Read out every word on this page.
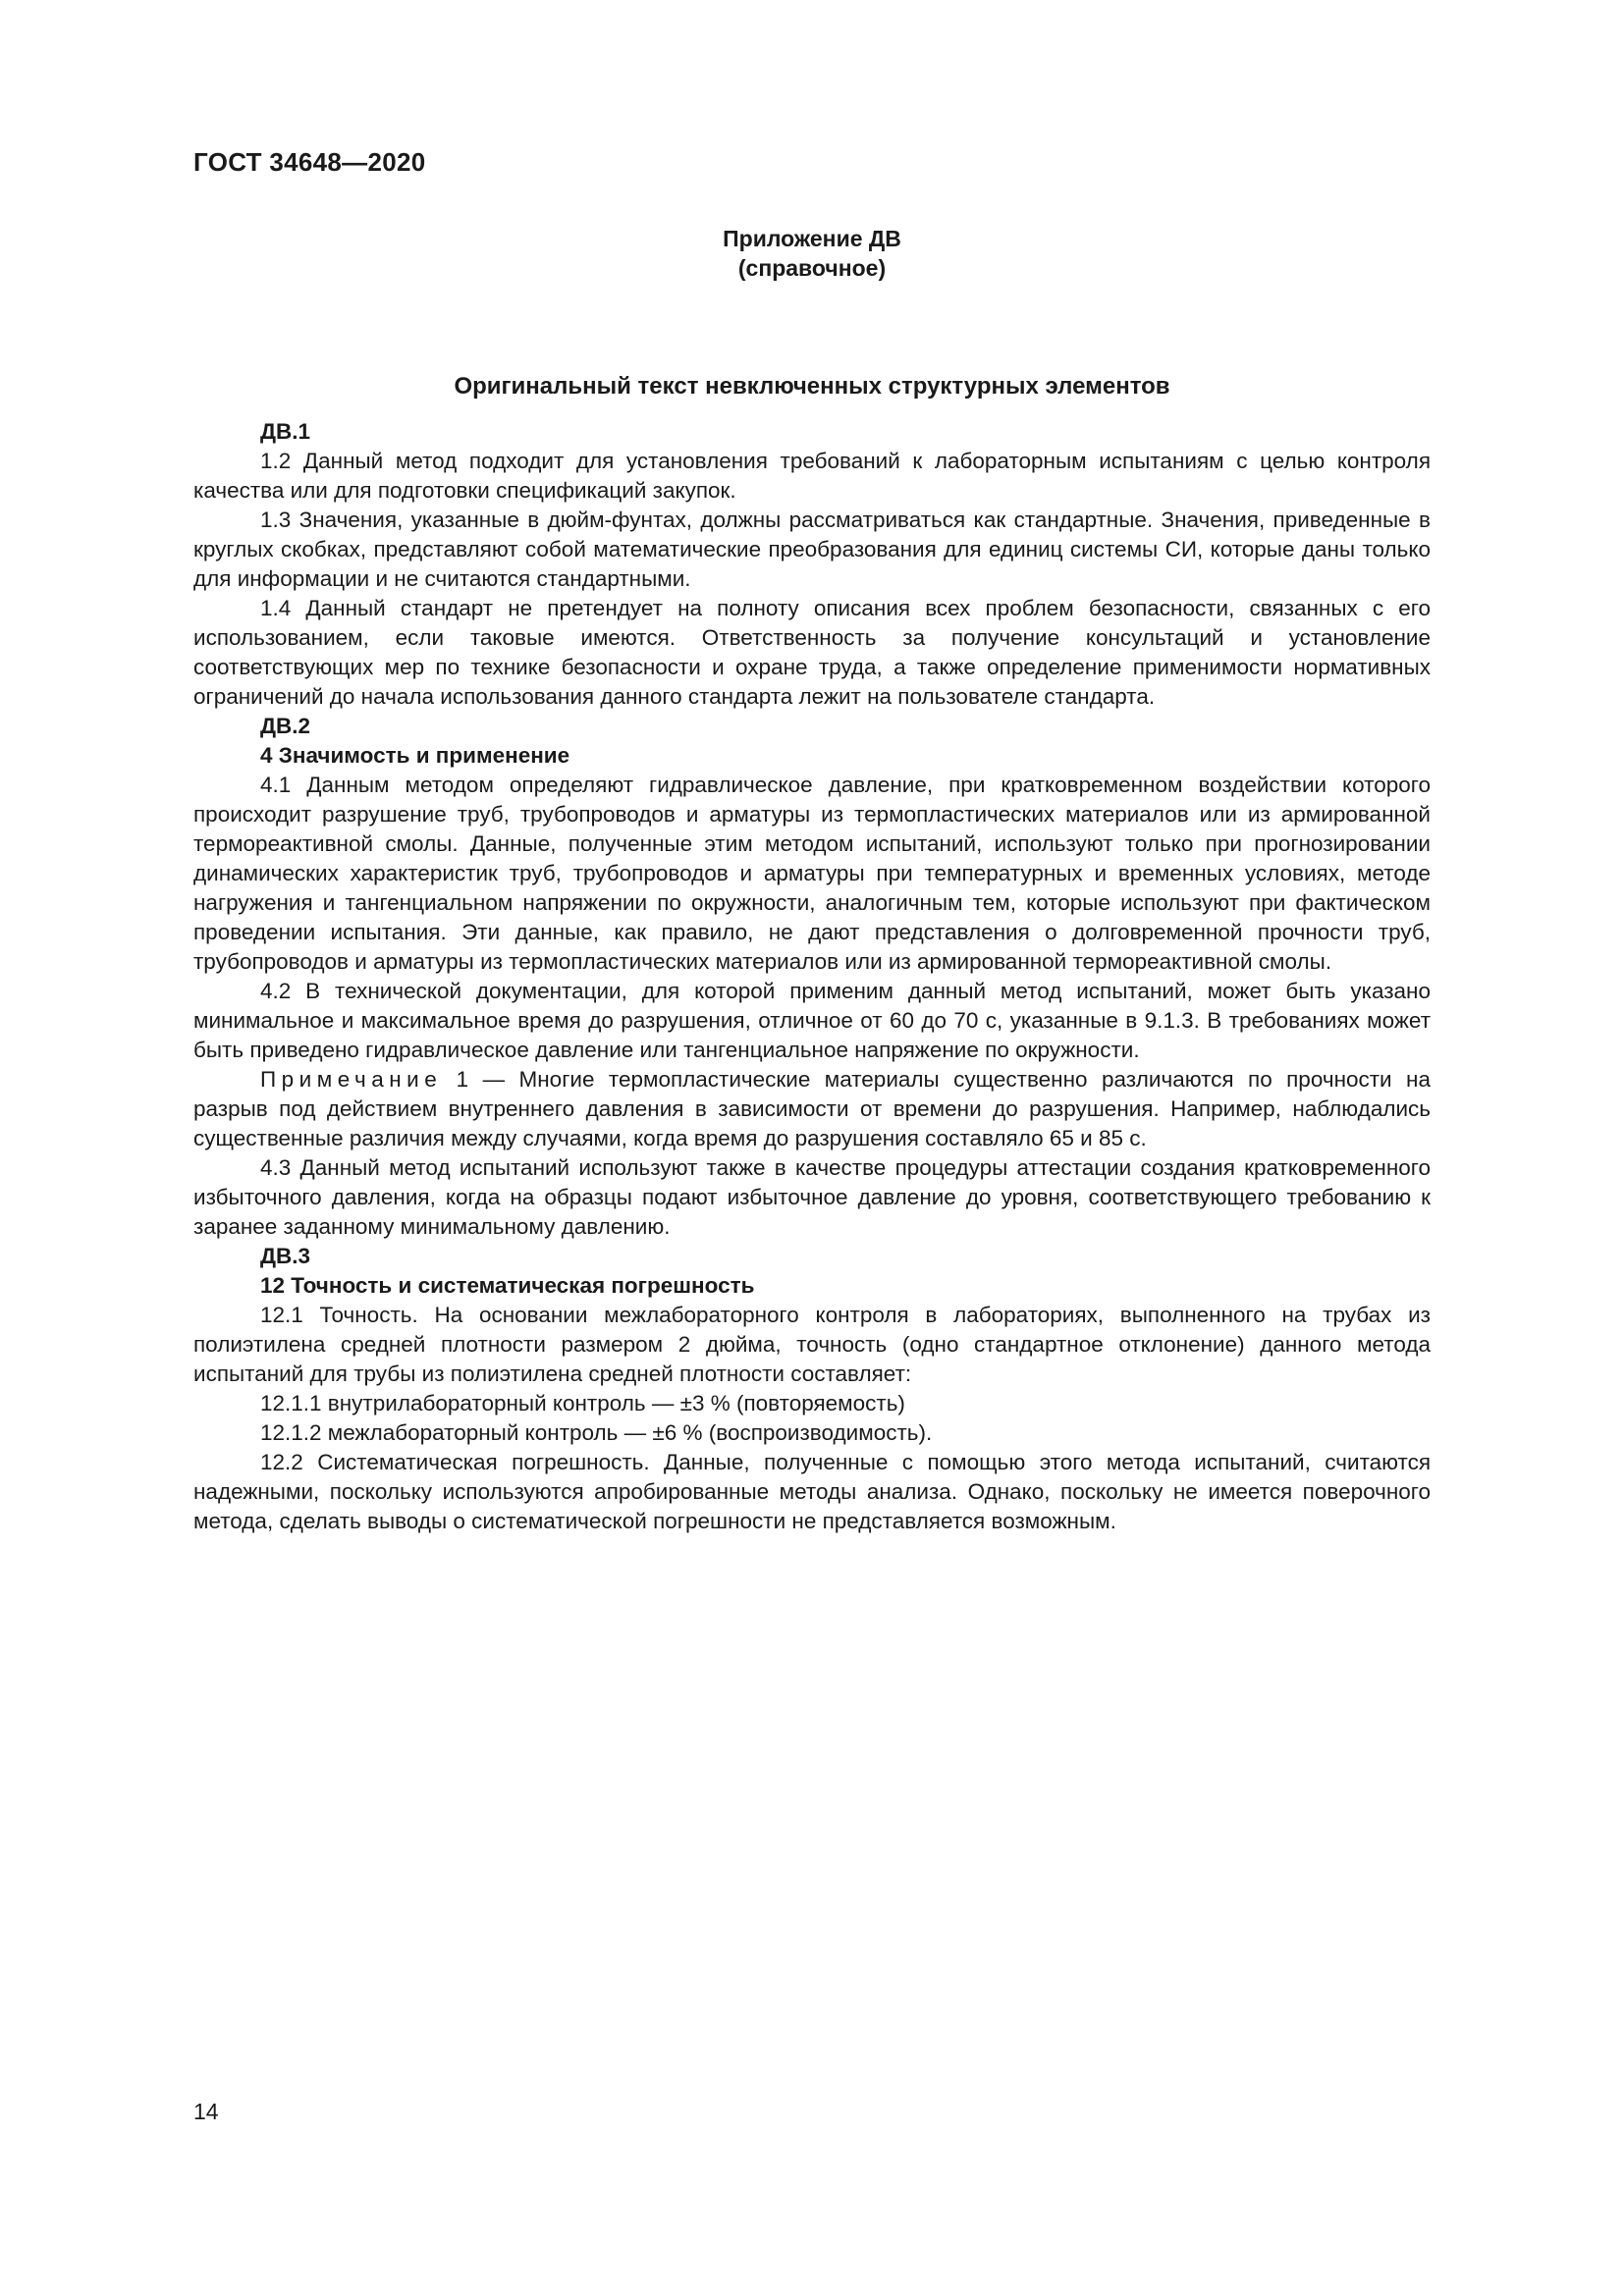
ГОСТ 34648—2020
Приложение ДВ
(справочное)
Оригинальный текст невключенных структурных элементов

ДВ.1

1.2 Данный метод подходит для установления требований к лабораторным испытаниям с целью контроля качества или для подготовки спецификаций закупок.

1.3 Значения, указанные в дюйм-фунтах, должны рассматриваться как стандартные. Значения, приведенные в круглых скобках, представляют собой математические преобразования для единиц системы СИ, которые даны только для информации и не считаются стандартными.

1.4 Данный стандарт не претендует на полноту описания всех проблем безопасности, связанных с его использованием, если таковые имеются. Ответственность за получение консультаций и установление соответствующих мер по технике безопасности и охране труда, а также определение применимости нормативных ограничений до начала использования данного стандарта лежит на пользователе стандарта.

ДВ.2

4 Значимость и применение

4.1 Данным методом определяют гидравлическое давление, при кратковременном воздействии которого происходит разрушение труб, трубопроводов и арматуры из термопластических материалов или из армированной термореактивной смолы. Данные, полученные этим методом испытаний, используют только при прогнозировании динамических характеристик труб, трубопроводов и арматуры при температурных и временных условиях, методе нагружения и тангенциальном напряжении по окружности, аналогичным тем, которые используют при фактическом проведении испытания. Эти данные, как правило, не дают представления о долговременной прочности труб, трубопроводов и арматуры из термопластических материалов или из армированной термореактивной смолы.

4.2 В технической документации, для которой применим данный метод испытаний, может быть указано минимальное и максимальное время до разрушения, отличное от 60 до 70 с, указанные в 9.1.3. В требованиях может быть приведено гидравлическое давление или тангенциальное напряжение по окружности.

Примечание 1 — Многие термопластические материалы существенно различаются по прочности на разрыв под действием внутреннего давления в зависимости от времени до разрушения. Например, наблюдались существенные различия между случаями, когда время до разрушения составляло 65 и 85 с.

4.3 Данный метод испытаний используют также в качестве процедуры аттестации создания кратковременного избыточного давления, когда на образцы подают избыточное давление до уровня, соответствующего требованию к заранее заданному минимальному давлению.

ДВ.3

12 Точность и систематическая погрешность

12.1 Точность. На основании межлабораторного контроля в лабораториях, выполненного на трубах из полиэтилена средней плотности размером 2 дюйма, точность (одно стандартное отклонение) данного метода испытаний для трубы из полиэтилена средней плотности составляет:

12.1.1 внутрилабораторный контроль — ±3 % (повторяемость)

12.1.2 межлабораторный контроль — ±6 % (воспроизводимость).

12.2 Систематическая погрешность. Данные, полученные с помощью этого метода испытаний, считаются надежными, поскольку используются апробированные методы анализа. Однако, поскольку не имеется поверочного метода, сделать выводы о систематической погрешности не представляется возможным.

14
